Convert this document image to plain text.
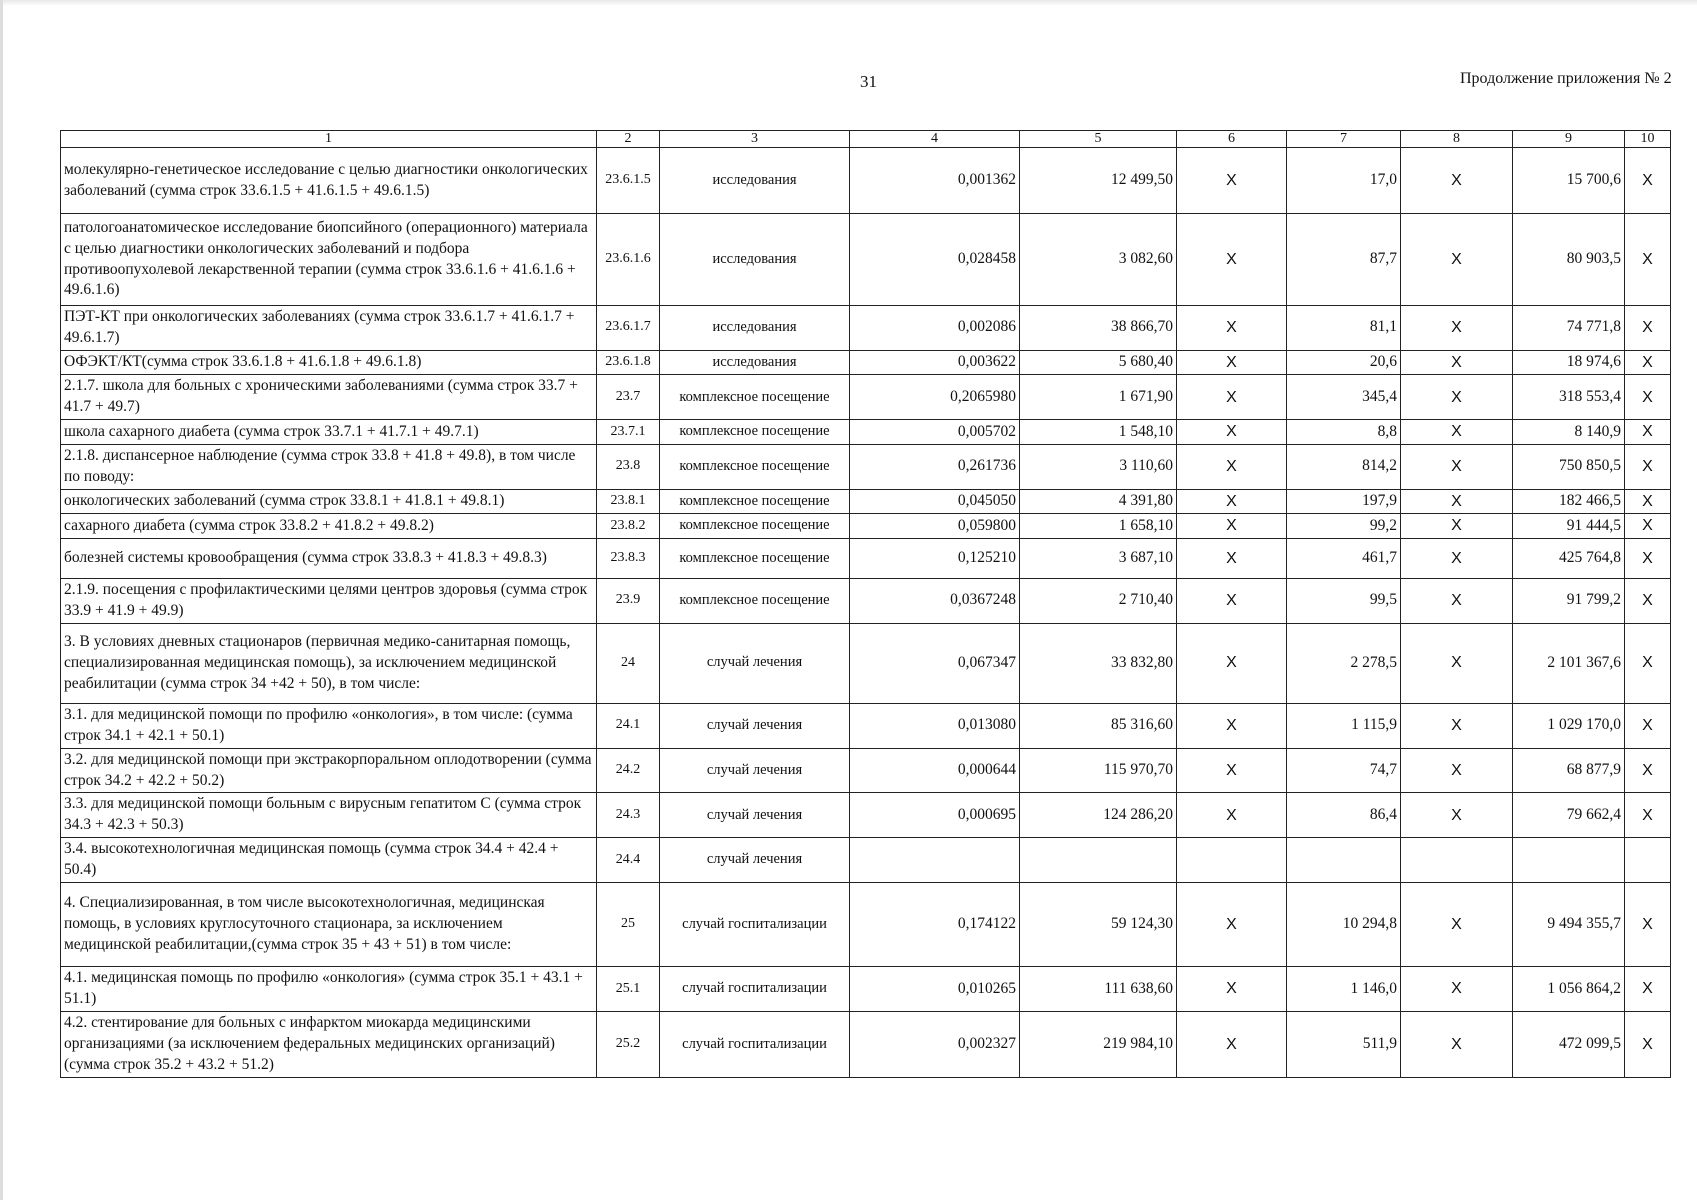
31	Продолжение приложения № 2
1	2	3	4	5	6	7	8	9	10
молекулярно-генетическое исследование с целью диагностики онкологических заболеваний (сумма строк 33.6.1.5 + 41.6.1.5 + 49.6.1.5)	23.6.1.5	исследования	0,001362	12 499,50	X	17,0	X	15 700,6	X
патологоанатомическое исследование биопсийного (операционного) материала с целью диагностики онкологических заболеваний и подбора противоопухолевой лекарственной терапии (сумма строк 33.6.1.6 + 41.6.1.6 + 49.6.1.6)	23.6.1.6	исследования	0,028458	3 082,60	X	87,7	X	80 903,5	X
ПЭТ-КТ при онкологических заболеваниях (сумма строк 33.6.1.7 + 41.6.1.7 + 49.6.1.7)	23.6.1.7	исследования	0,002086	38 866,70	X	81,1	X	74 771,8	X
ОФЭКТ/КТ(сумма строк 33.6.1.8 + 41.6.1.8 + 49.6.1.8)	23.6.1.8	исследования	0,003622	5 680,40	X	20,6	X	18 974,6	X
2.1.7. школа для больных с хроническими заболеваниями (сумма строк 33.7 + 41.7 + 49.7)	23.7	комплексное посещение	0,2065980	1 671,90	X	345,4	X	318 553,4	X
школа сахарного диабета (сумма строк 33.7.1 + 41.7.1 + 49.7.1)	23.7.1	комплексное посещение	0,005702	1 548,10	X	8,8	X	8 140,9	X
2.1.8. диспансерное наблюдение (сумма строк 33.8 + 41.8 + 49.8), в том числе по поводу:	23.8	комплексное посещение	0,261736	3 110,60	X	814,2	X	750 850,5	X
онкологических заболеваний (сумма строк 33.8.1 + 41.8.1 + 49.8.1)	23.8.1	комплексное посещение	0,045050	4 391,80	X	197,9	X	182 466,5	X
сахарного диабета (сумма строк 33.8.2 + 41.8.2 + 49.8.2)	23.8.2	комплексное посещение	0,059800	1 658,10	X	99,2	X	91 444,5	X
болезней системы кровообращения (сумма строк 33.8.3 + 41.8.3 + 49.8.3)	23.8.3	комплексное посещение	0,125210	3 687,10	X	461,7	X	425 764,8	X
2.1.9. посещения с профилактическими целями центров здоровья (сумма строк 33.9 + 41.9 + 49.9)	23.9	комплексное посещение	0,0367248	2 710,40	X	99,5	X	91 799,2	X
3. В условиях дневных стационаров (первичная медико-санитарная помощь, специализированная медицинская помощь), за исключением медицинской реабилитации (сумма строк 34 +42 + 50), в том числе:	24	случай лечения	0,067347	33 832,80	X	2 278,5	X	2 101 367,6	X
3.1. для медицинской помощи по профилю «онкология», в том числе: (сумма строк 34.1 + 42.1 + 50.1)	24.1	случай лечения	0,013080	85 316,60	X	1 115,9	X	1 029 170,0	X
3.2. для медицинской помощи при экстракорпоральном оплодотворении (сумма строк 34.2 + 42.2 + 50.2)	24.2	случай лечения	0,000644	115 970,70	X	74,7	X	68 877,9	X
3.3. для медицинской помощи больным с вирусным гепатитом С (сумма строк 34.3 + 42.3 + 50.3)	24.3	случай лечения	0,000695	124 286,20	X	86,4	X	79 662,4	X
3.4. высокотехнологичная медицинская помощь (сумма строк 34.4 + 42.4 + 50.4)	24.4	случай лечения							
4. Специализированная, в том числе высокотехнологичная, медицинская помощь, в условиях круглосуточного стационара, за исключением медицинской реабилитации,(сумма строк 35 + 43 + 51) в том числе:	25	случай госпитализации	0,174122	59 124,30	X	10 294,8	X	9 494 355,7	X
4.1. медицинская помощь по профилю «онкология» (сумма строк 35.1 + 43.1 + 51.1)	25.1	случай госпитализации	0,010265	111 638,60	X	1 146,0	X	1 056 864,2	X
4.2. стентирование для больных с инфарктом миокарда медицинскими организациями (за исключением федеральных медицинских организаций) (сумма строк 35.2 + 43.2 + 51.2)	25.2	случай госпитализации	0,002327	219 984,10	X	511,9	X	472 099,5	X
